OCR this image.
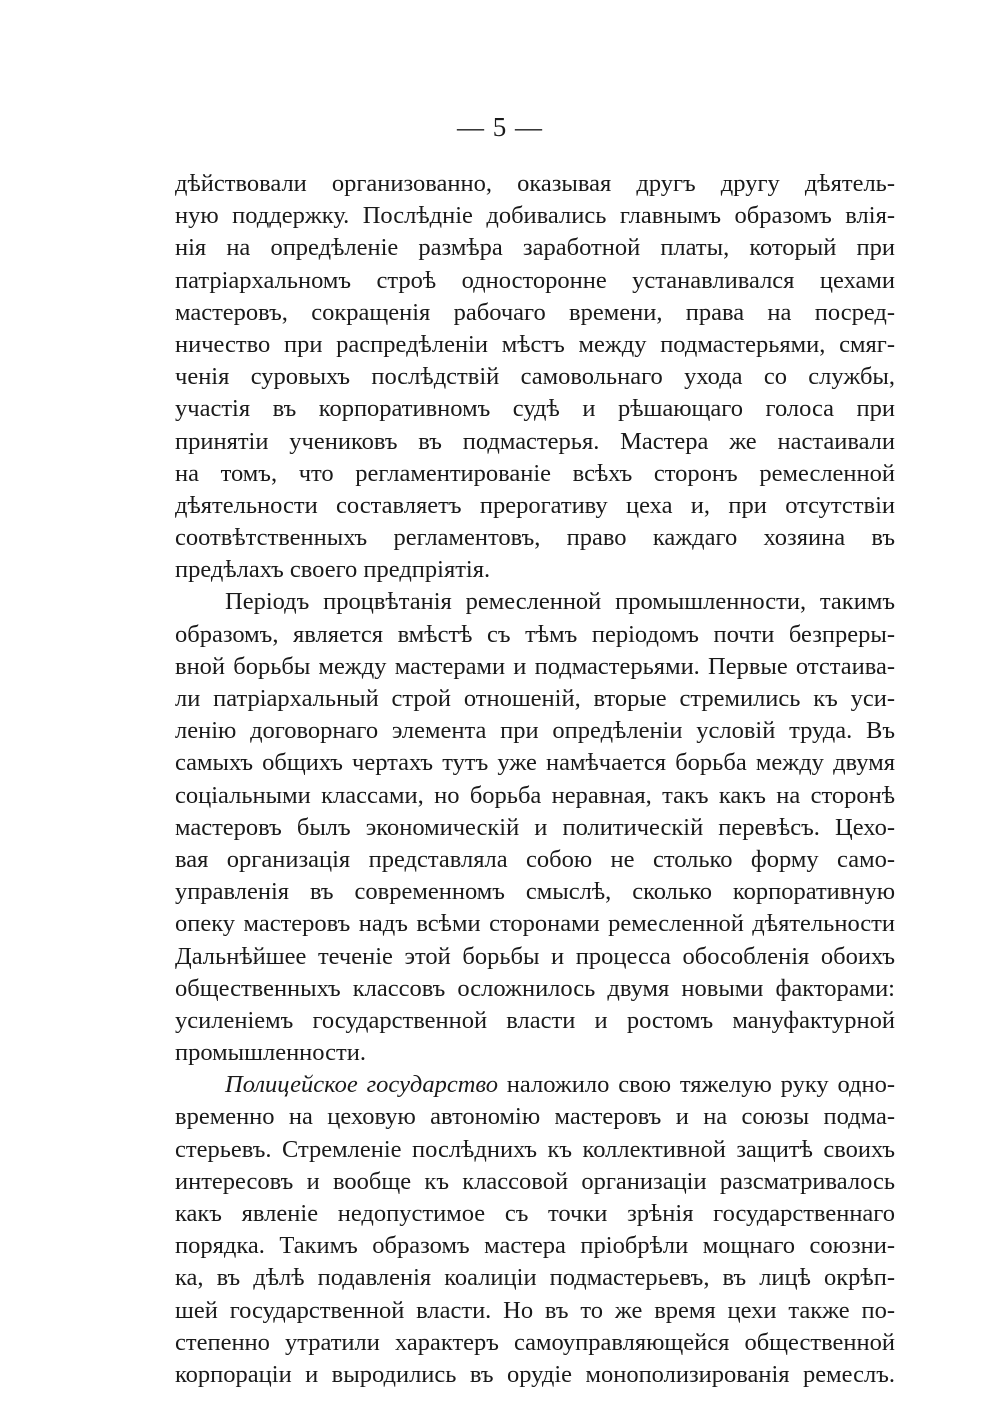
— 5 —
дѣйствовали организованно, оказывая другъ другу дѣятель-
ную поддержку. Послѣдніе добивались главнымъ образомъ влія-
нія на опредѣленіе размѣра заработной платы, который при
патріархальномъ строѣ односторонне устанавливался цехами
мастеровъ, сокращенія рабочаго времени, права на посред-
ничество при распредѣленіи мѣстъ между подмастерьями, смяг-
ченія суровыхъ послѣдствій самовольнаго ухода со службы,
участія въ корпоративномъ судѣ и рѣшающаго голоса при
принятіи учениковъ въ подмастерья. Мастера же настаивали
на томъ, что регламентированіе всѣхъ сторонъ ремесленной
дѣятельности составляетъ прерогативу цеха и, при отсутствіи
соотвѣтственныхъ регламентовъ, право каждаго хозяина въ
предѣлахъ своего предпріятія.
Періодъ процвѣтанія ремесленной промышленности, такимъ
образомъ, является вмѣстѣ съ тѣмъ періодомъ почти безпреры-
вной борьбы между мастерами и подмастерьями. Первые отстаива-
ли патріархальный строй отношеній, вторые стремились къ уси-
ленію договорнаго элемента при опредѣленіи условій труда. Въ
самыхъ общихъ чертахъ тутъ уже намѣчается борьба между двумя
соціальными классами, но борьба неравная, такъ какъ на сторонѣ
мастеровъ былъ экономическій и политическій перевѣсъ. Цехо-
вая организація представляла собою не столько форму само-
управленія въ современномъ смыслѣ, сколько корпоративную
опеку мастеровъ надъ всѣми сторонами ремесленной дѣятельности
Дальнѣйшее теченіе этой борьбы и процесса обособленія обоихъ
общественныхъ классовъ осложнилось двумя новыми факторами:
усиленіемъ государственной власти и ростомъ мануфактурной
промышленности.
Полицейское государство наложило свою тяжелую руку одно-
временно на цеховую автономію мастеровъ и на союзы подма-
стерьевъ. Стремленіе послѣднихъ къ коллективной защитѣ своихъ
интересовъ и вообще къ классовой организаціи разсматривалось
какъ явленіе недопустимое съ точки зрѣнія государственнаго
порядка. Такимъ образомъ мастера пріобрѣли мощнаго союзни-
ка, въ дѣлѣ подавленія коалиціи подмастерьевъ, въ лицѣ окрѣп-
шей государственной власти. Но въ то же время цехи также по-
степенно утратили характеръ самоуправляющейся общественной
корпораціи и выродились въ орудіе монополизированія ремеслъ.
